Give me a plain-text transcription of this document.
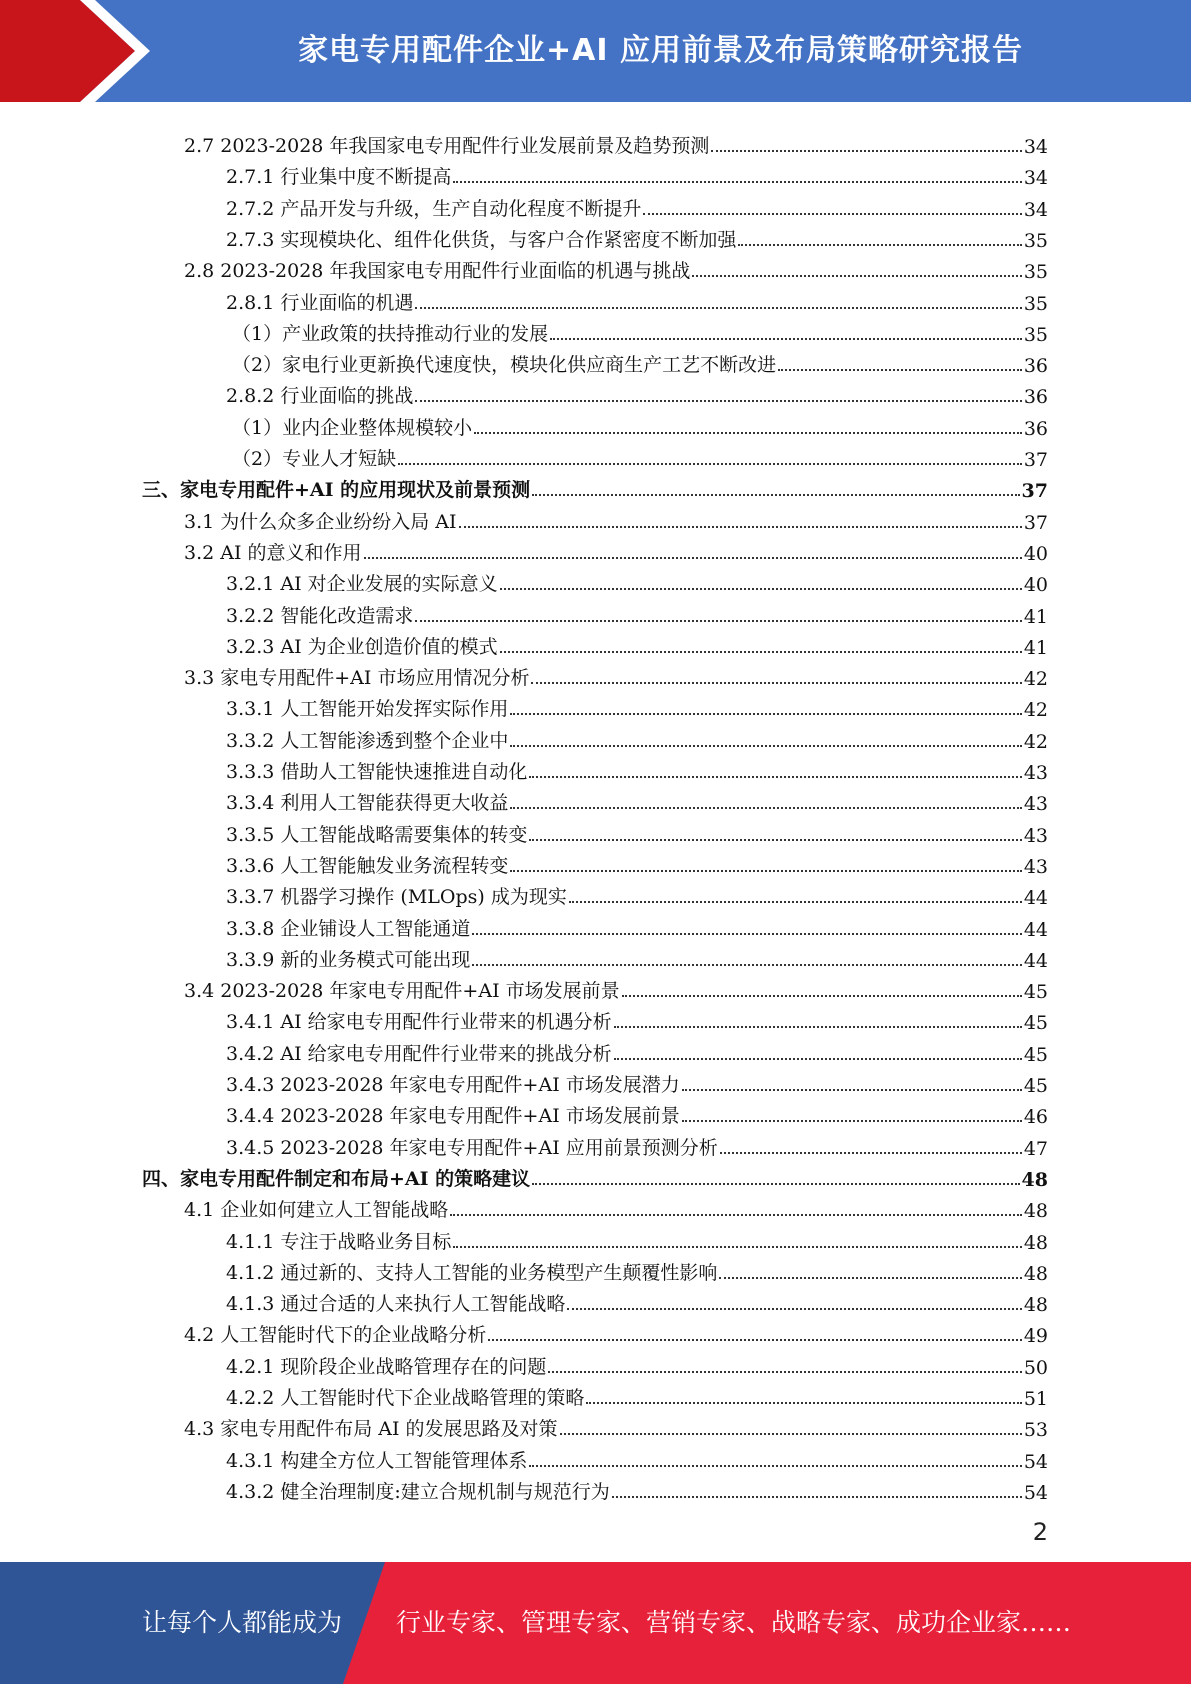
家电专用配件企业+AI 应用前景及布局策略研究报告
2.7 2023-2028 年我国家电专用配件行业发展前景及趋势预测	34
2.7.1 行业集中度不断提高	34
2.7.2 产品开发与升级，生产自动化程度不断提升	34
2.7.3 实现模块化、组件化供货，与客户合作紧密度不断加强	35
2.8 2023-2028 年我国家电专用配件行业面临的机遇与挑战	35
2.8.1 行业面临的机遇	35
（1）产业政策的扶持推动行业的发展	35
（2）家电行业更新换代速度快，模块化供应商生产工艺不断改进	36
2.8.2 行业面临的挑战	36
（1）业内企业整体规模较小	36
（2）专业人才短缺	37
三、家电专用配件+AI 的应用现状及前景预测	37
3.1 为什么众多企业纷纷入局 AI	37
3.2 AI 的意义和作用	40
3.2.1 AI 对企业发展的实际意义	40
3.2.2 智能化改造需求	41
3.2.3 AI 为企业创造价值的模式	41
3.3 家电专用配件+AI 市场应用情况分析	42
3.3.1 人工智能开始发挥实际作用	42
3.3.2 人工智能渗透到整个企业中	42
3.3.3 借助人工智能快速推进自动化	43
3.3.4 利用人工智能获得更大收益	43
3.3.5 人工智能战略需要集体的转变	43
3.3.6 人工智能触发业务流程转变	43
3.3.7 机器学习操作 (MLOps) 成为现实	44
3.3.8 企业铺设人工智能通道	44
3.3.9 新的业务模式可能出现	44
3.4 2023-2028 年家电专用配件+AI 市场发展前景	45
3.4.1 AI 给家电专用配件行业带来的机遇分析	45
3.4.2 AI 给家电专用配件行业带来的挑战分析	45
3.4.3 2023-2028 年家电专用配件+AI 市场发展潜力	45
3.4.4 2023-2028 年家电专用配件+AI 市场发展前景	46
3.4.5 2023-2028 年家电专用配件+AI 应用前景预测分析	47
四、家电专用配件制定和布局+AI 的策略建议	48
4.1 企业如何建立人工智能战略	48
4.1.1 专注于战略业务目标	48
4.1.2 通过新的、支持人工智能的业务模型产生颠覆性影响	48
4.1.3 通过合适的人来执行人工智能战略	48
4.2 人工智能时代下的企业战略分析	49
4.2.1 现阶段企业战略管理存在的问题	50
4.2.2 人工智能时代下企业战略管理的策略	51
4.3 家电专用配件布局 AI 的发展思路及对策	53
4.3.1 构建全方位人工智能管理体系	54
4.3.2 健全治理制度:建立合规机制与规范行为	54
2
让每个人都能成为 行业专家、管理专家、营销专家、战略专家、成功企业家……
